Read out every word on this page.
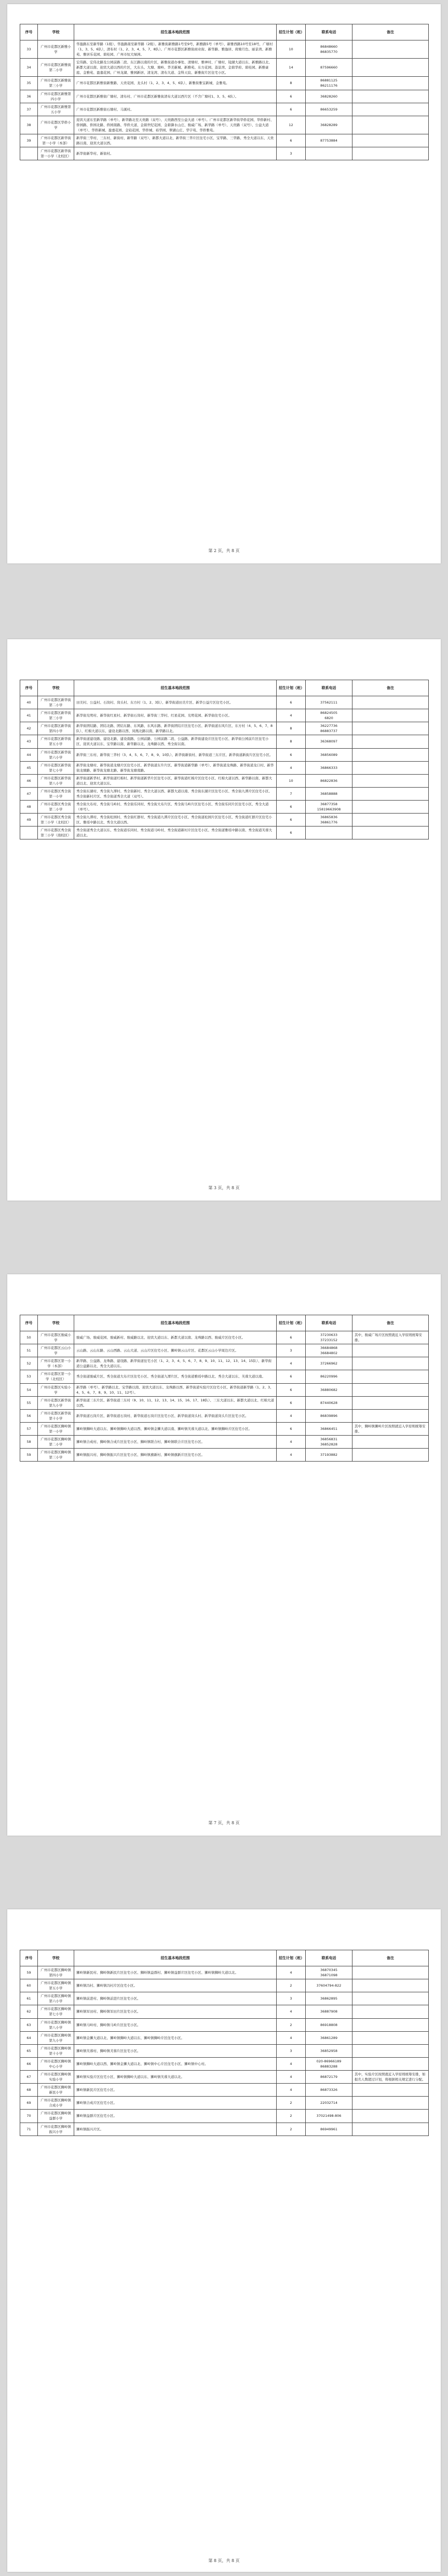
序号	学校	招生基本地段范围	招生计划（班）	联系电话	备注
33	广州市花都区新雅小学	华盈路东至新华路（1级）、华盈路南至新华路（2级）。新雅街新雅路1号至9号，新雅路5号（单号）、新雅西路10号至18号，广塘村（1、3、5、6队），清布村（1、2、3、4、5、7、8队）。广州市花都区新雅街商业街、新华路、雅逸居、荷塘月色、丽景湾、新雅苑、雅居乐花园、碧桂园、广州市恒大绿洲。	10	86848660
86835770	
34	广州市花都区新雅街第二小学	宏伟路、宏伟北路及公园前路二段、东江路以南的片区，新雅街道办事处、清塘村、雅神村、广塘村、镜湖大道以东、新雅路以北、新都大道以南、迎宾大道以西的片区，大东头、大塘、塘岭、华美新城、新雅苑、东方花园、荔景湾、金碧华府、碧桂园、新雅豪庭、金雅苑、盈嘉花园、广州龙湖、雅园新居、清龙湾、清布大道、金科天宸、新雅街片区住宅小区。	14	87596660	
35	广州市花都区新雅街第三小学	广州市花都区新雅街新雅路、天贵花园、龙头村（1、2、3、4、5、6队）、新雅街雅宝新城、金雅苑。	8	86881125
86211176	
36	广州市花都区新雅第四小学	广州市花都区新雅街广塘村、清布村、广州市花都区新雅街清布大道以西片区（不含广塘村1、3、5、6队）。	6	36828260	
37	广州市花都区新雅第五小学	广州市花都区新雅街石塘村、马溪村。	6	86653259	
38	广州市花都区华侨小学	迎宾大道东至新华路（单号）、新华路北至天贵路（双号）、天贵路西至公益大道（单号）。广州市花都区新华街华侨花园、华侨新村、侨园路、侨园北路、侨园南路、华侨大道、金碧世纪花园、金碧御水山庄、骏威广场、新华路（单号）、天贵路（双号）、公益大道（单号）、华侨新城、盈嘉花园、金铂花园、华侨城、裕华园、翠湖山庄、华宇苑、华侨雅苑。	12	36828289	
39	广州市花都区新华街第一小学（本部）	新华街三华村、三东村、新街村、新华路（双号）、新都大道以北、新华街三华片区住宅小区、宝华路、三华路、秀全大道以东、天贵路以南、迎宾大道以西。	6	87753884	
	广州市花都区新华街第一小学（北校区）	新华街新华村、新街村。	3		
第 2 页，共 8 页
序号	学校	招生基本地段范围	招生计划（班）	联系电话	备注
40	广州市花都区新华街第二小学	田美村、公益村、石岗村、岗头村、东方村（1、2、3队）、新华街道田美片区、新华公益片区住宅小区。	6	37562111	
41	广州市花都区新华街第三小学	新华街光明村、新华街红星村、新华街石岗村、新华街三华村、红星花园、光明花园、新华街住宅小区。	4	86824505
6820	
42	广州市花都区新华街第四小学	新华街团结路、团结北路、团结东路、东风路、东风东路、新华街团结片区住宅小区、新华街道东风片区、东方村（4、5、6、7、8队）、红棉大道以东、建设北路以西、凤凰北路以南、新华路以北。	8	36227736
86883737	
43	广州市花都区新华街第五小学	新华街道建设路、建设北路、建设南路、公园前路、公园前路二段、公益路、新华街建设片区住宅小区、新华街公园前片区住宅小区、迎宾大道以东、宝华路以南、新华路以北、龙珠路以西、秀全街以南。	8	36368097	
44	广州市花都区新华街第六小学	新华街三东村、新华街三华村（3、4、5、6、7、8、9、10队）、新华街新街村、新华街道三东片区、新华街道新街片区住宅小区。	6	36856089	
45	广州市花都区新华街第七小学	新华街龙塘村、新华街道龙塘片区住宅小区、新华街道东升片区、新华街道新华路（单号）、新华街道龙珠路、新华街道龙口村、新华街龙塘路、新华街龙塘北路、新华街龙塘南路。	4	36866333	
46	广州市花都区新华街第八小学	新华街道新华村、新华街道红棉村、新华街道新华片区住宅小区、新华街道红棉片区住宅小区、红棉大道以西、新华路以南、新都大道以北、迎宾大道以东。	10	86822836	
47	广州市花都区秀全街第一小学	秀全街东湖村、秀全街九潭村、秀全街新村、秀全大道以西、新都大道以南、秀全街东湖片区住宅小区、秀全街九潭片区住宅小区、秀全街新村片区、秀全街道秀全大道（双号）。	7	36858888	
48	广州市花都区秀全街第二小学	秀全街大布村、秀全街马岭村、秀全街乐同村、秀全街大布片区、秀全街马岭片区住宅小区、秀全街乐同片区住宅小区、秀全大道（单号）。	6	36877358
15819663908	
49	广州市花都区秀全街第三小学（北校区）	秀全街九潭村、秀全街松园村、秀全街红群村、秀全街道九潭片区住宅小区、秀全街道松园片区住宅小区、秀全街道红群片区住宅小区、雅瑶中路以北、秀全大道以西。	6	36865836
36861776	
	广州市花都区秀全街第三小学（南校区）	秀全街道秀全大道以东、秀全街道乐同村、秀全街道马岭村、秀全街道新村片区住宅小区、秀全街道雅瑶中路以南、秀全街道芙蓉大道以北。	6		
第 3 页，共 8 页
序号	学校	招生基本地段范围	招生计划（班）	联系电话	备注
50	广州市花都区骏威小学	骏威广场、骏威花园、骏威新村、骏威路以北、迎宾大道以东、新都大道以南、龙珠路以西、骏威片区住宅小区。	6	37230633
37233152	其中，骏威广场片区按照就近入学原则统筹安排。
51	广州市花都区云山小学	云山路、云山东路、云山西路、云山大道、云山片区住宅小区、狮岭镇云山片区、花都区云山小学周边片区。	3	36684868
36684802	
52	广州市花都区第一小学（本部）	新华路、公益路、龙珠路、建设路、新华街道住宅小区（1、2、3、4、5、6、7、8、9、10、11、12、13、14、15队）、新华街道公益路以北、秀全大道以东。	4	37266962	
53	广州市花都区第一小学（北校区）	秀全街道骏威片区、秀全街道大布片区住宅小区、秀全街道九潭片区、秀全街道雅瑶中路以北、秀全大道以东、芙蓉大道以南。	6	86220996	
54	广州市花都区实验小学	新华路（单号）、新华路以北、宝华路以南、迎宾大道以东、龙珠路以西、新华街道实验片区住宅小区、新华街道新华路（1、2、3、4、5、6、7、8、9、10、11、12号）。	6	36880682	
55	广州市花都区新华街第九小学	新华街道三东片区、新华街道三东村（9、10、11、12、13、14、15、16、17、18队）、三东大道以东、新都大道以北、红棉大道以西。	6	87440628	
56	广州市花都区新华街第十小学	新华街道石岗片区、新华街道石岗村、新华街道石岗片区住宅小区、新华街道岗头村、新华街道岗头片区住宅小区。	4	86839896	
57	广州市花都区狮岭镇第一小学	狮岭镇狮岭大道以东、狮岭镇狮岭大道以西、狮岭镇金狮大道以南、狮岭镇芙蓉大道以北、狮岭镇狮岭片区住宅小区。	6	36866451	其中，狮岭镇狮岭片区按照就近入学原则统筹安排。
58	广州市花都区狮岭镇第二小学	狮岭镇合成村、狮岭镇合成片区住宅小区、狮岭镇联合村、狮岭镇联合片区住宅小区。	4	36856831
36852828	
59	广州市花都区狮岭镇第三小学	狮岭镇振兴村、狮岭镇振兴片区住宅小区、狮岭镇旗新村、狮岭镇旗新片区住宅小区。	4	37193882	
第 7 页，共 8 页
序号	学校	招生基本地段范围	招生计划（班）	联系电话	备注
59	广州市花都区狮岭镇第四小学	狮岭镇新民村、狮岭镇新民片区住宅小区、狮岭镇益群村、狮岭镇益群片区住宅小区、狮岭镇狮岭大道以北。	4	36870345
36871098	
60	广州市花都区狮岭镇第五小学	狮岭镇冯村、狮岭镇冯村片区住宅小区。	2	37604794-822	
61	广州市花都区狮岭镇第六小学	狮岭镇前进村、狮岭镇前进片区住宅小区。	3	36862895	
62	广州市花都区狮岭镇第七小学	狮岭镇军田村、狮岭镇军田片区住宅小区。	4	36887908	
63	广州市花都区狮岭镇第八小学	狮岭镇马岭村、狮岭镇马岭片区住宅小区。	2	86918808	
64	广州市花都区狮岭镇第九小学	狮岭镇金狮大道以北、狮岭镇狮岭大道以东、狮岭镇狮岭片区住宅小区。	4	36861289	
65	广州市花都区狮岭镇第十小学	狮岭镇芙蓉村、狮岭镇芙蓉片区住宅小区。	3	36852958	
66	广州市花都区狮岭镇中心小学	狮岭镇狮岭大道以西、狮岭镇金狮大道以北、狮岭镇中心片区住宅小区、狮岭镇中心村。	4	020-86966189
86883288	
67	广州市花都区狮岭镇实验小学	狮岭镇实验片区住宅小区、狮岭镇狮岭大道以东、狮岭镇芙蓉大道以北。	4	86872179	其中，实验片区按照就近入学原则统筹安排，如报名人数超过计划，将根据相关规定进行分配。
68	广州市花都区狮岭镇新民小学	狮岭镇新民片区住宅小区。	4	86873326	
69	广州市花都区狮岭镇合成小学	狮岭镇合成片区住宅小区。	2	22032714	
70	广州市花都区狮岭镇益群小学	狮岭镇益群片区住宅小区。	2	37021498-806	
71	广州市花都区狮岭镇振兴小学	狮岭镇振兴片区。	2	86949961	
第 8 页，共 8 页
